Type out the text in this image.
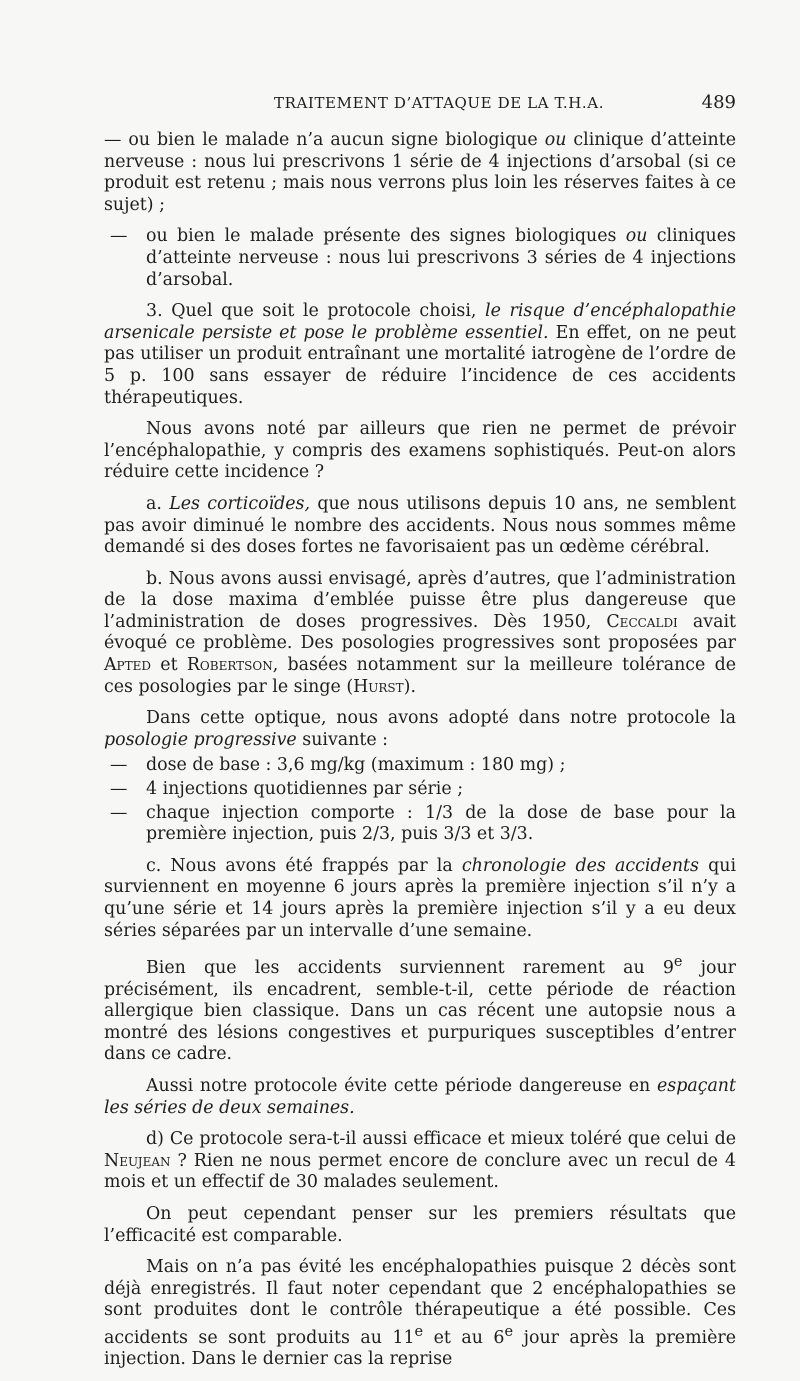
TRAITEMENT D’ATTAQUE DE LA T.H.A.	489
— ou bien le malade n’a aucun signe biologique ou clinique d’atteinte nerveuse : nous lui prescrivons 1 série de 4 injections d’arsobal (si ce produit est retenu ; mais nous verrons plus loin les réserves faites à ce sujet) ;
—	ou bien le malade présente des signes biologiques ou cliniques d’atteinte nerveuse : nous lui prescrivons 3 séries de 4 injections d’arsobal.

3. Quel que soit le protocole choisi, le risque d’encéphalopathie arsenicale persiste et pose le problème essentiel. En effet, on ne peut pas utiliser un produit entraînant une mortalité iatrogène de l’ordre de 5 p. 100 sans essayer de réduire l’incidence de ces accidents thérapeutiques.

Nous avons noté par ailleurs que rien ne permet de prévoir l’encéphalopathie, y compris des examens sophistiqués. Peut-on alors réduire cette incidence ?

a. Les corticoïdes, que nous utilisons depuis 10 ans, ne semblent pas avoir diminué le nombre des accidents. Nous nous sommes même demandé si des doses fortes ne favorisaient pas un œdème cérébral.

b. Nous avons aussi envisagé, après d’autres, que l’administration de la dose maxima d’emblée puisse être plus dangereuse que l’administration de doses progressives. Dès 1950, Ceccaldi avait évoqué ce problème. Des posologies progressives sont proposées par Apted et Robertson, basées notamment sur la meilleure tolérance de ces posologies par le singe (Hurst).

Dans cette optique, nous avons adopté dans notre protocole la posologie progressive suivante :

—	dose de base : 3,6 mg/kg (maximum : 180 mg) ;
—	4 injections quotidiennes par série ;
—	chaque injection comporte : 1/3 de la dose de base pour la première injection, puis 2/3, puis 3/3 et 3/3.

c. Nous avons été frappés par la chronologie des accidents qui surviennent en moyenne 6 jours après la première injection s’il n’y a qu’une série et 14 jours après la première injection s’il y a eu deux séries séparées par un intervalle d’une semaine.

Bien que les accidents surviennent rarement au 9e jour précisément, ils encadrent, semble-t-il, cette période de réaction allergique bien classique. Dans un cas récent une autopsie nous a montré des lésions congestives et purpuriques susceptibles d’entrer dans ce cadre.

Aussi notre protocole évite cette période dangereuse en espaçant les séries de deux semaines.

d) Ce protocole sera-t-il aussi efficace et mieux toléré que celui de Neujean ? Rien ne nous permet encore de conclure avec un recul de 4 mois et un effectif de 30 malades seulement.

On peut cependant penser sur les premiers résultats que l’efficacité est comparable.

Mais on n’a pas évité les encéphalopathies puisque 2 décès sont déjà enregistrés. Il faut noter cependant que 2 encéphalopathies se sont produites dont le contrôle thérapeutique a été possible. Ces accidents se sont produits au 11e et au 6e jour après la première injection. Dans le dernier cas la reprise
